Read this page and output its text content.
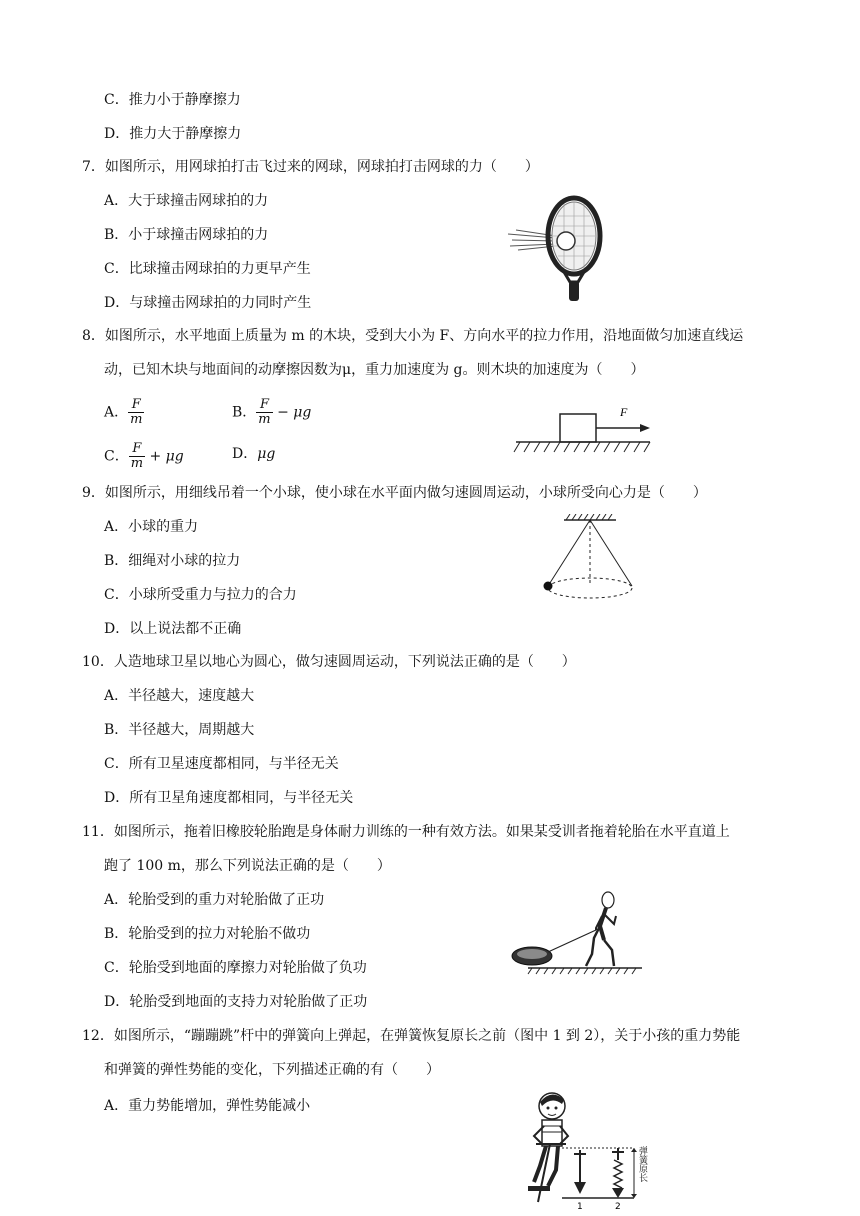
C．推力小于静摩擦力
D．推力大于静摩擦力
7．如图所示，用网球拍打击飞过来的网球，网球拍打击网球的力（　　）
A．大于球撞击网球拍的力
B．小于球撞击网球拍的力
C．比球撞击网球拍的力更早产生
D．与球撞击网球拍的力同时产生
8．如图所示，水平地面上质量为 m 的木块，受到大小为 F、方向水平的拉力作用，沿地面做匀加速直线运
动，已知木块与地面间的动摩擦因数为μ，重力加速度为 g。则木块的加速度为（　　）
A． $\frac{F}{m}$	B． $\frac{F}{m} - \mu g$
C． $\frac{F}{m} + \mu g$	D．μg
F
9．如图所示，用细线吊着一个小球，使小球在水平面内做匀速圆周运动，小球所受向心力是（　　）
A．小球的重力
B．细绳对小球的拉力
C．小球所受重力与拉力的合力
D．以上说法都不正确
10．人造地球卫星以地心为圆心，做匀速圆周运动，下列说法正确的是（　　）
A．半径越大，速度越大
B．半径越大，周期越大
C．所有卫星速度都相同，与半径无关
D．所有卫星角速度都相同，与半径无关
11．如图所示，拖着旧橡胶轮胎跑是身体耐力训练的一种有效方法。如果某受训者拖着轮胎在水平直道上
跑了 100 m，那么下列说法正确的是（　　）
A．轮胎受到的重力对轮胎做了正功
B．轮胎受到的拉力对轮胎不做功
C．轮胎受到地面的摩擦力对轮胎做了负功
D．轮胎受到地面的支持力对轮胎做了正功
12．如图所示，“蹦蹦跳”杆中的弹簧向上弹起，在弹簧恢复原长之前（图中 1 到 2），关于小孩的重力势能
和弹簧的弹性势能的变化，下列描述正确的有（　　）
A．重力势能增加，弹性势能减小
弹簧原长
1	2
